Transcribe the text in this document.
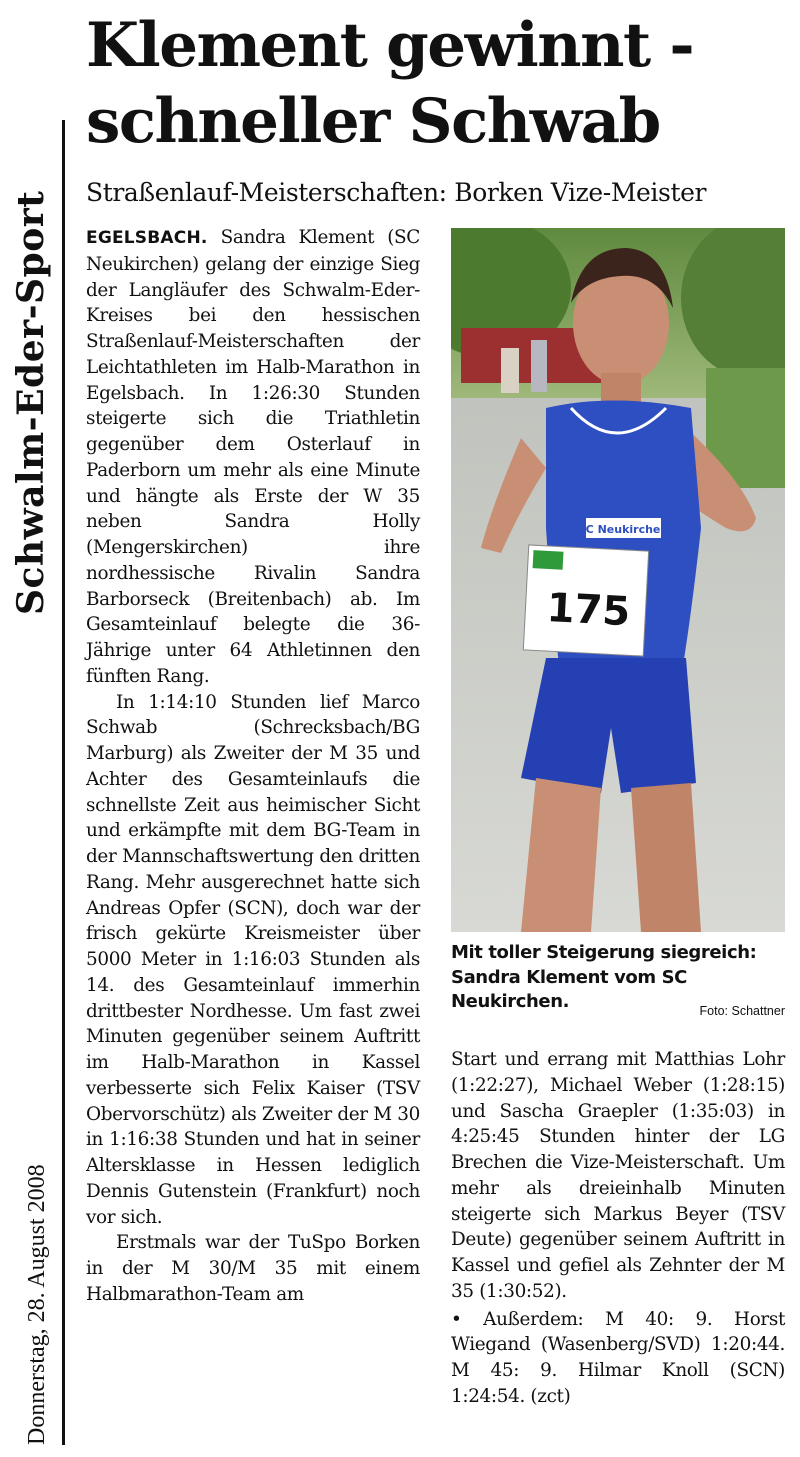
Schwalm-Eder-Sport
Donnerstag, 28. August 2008
Klement gewinnt -
schneller Schwab
Straßenlauf-Meisterschaften: Borken Vize-Meister

EGELSBACH. Sandra Klement (SC Neukirchen) gelang der einzige Sieg der Langläufer des Schwalm-Eder-Kreises bei den hessischen Straßenlauf-Meisterschaften der Leichtathleten im Halb-Marathon in Egelsbach. In 1:26:30 Stunden steigerte sich die Triathletin gegenüber dem Osterlauf in Paderborn um mehr als eine Minute und hängte als Erste der W 35 neben Sandra Holly (Mengerskirchen) ihre nordhessische Rivalin Sandra Barborseck (Breitenbach) ab. Im Gesamteinlauf belegte die 36-Jährige unter 64 Athletinnen den fünften Rang.

In 1:14:10 Stunden lief Marco Schwab (Schrecksbach/BG Marburg) als Zweiter der M 35 und Achter des Gesamteinlaufs die schnellste Zeit aus heimischer Sicht und erkämpfte mit dem BG-Team in der Mannschaftswertung den dritten Rang. Mehr ausgerechnet hatte sich Andreas Opfer (SCN), doch war der frisch gekürte Kreismeister über 5000 Meter in 1:16:03 Stunden als 14. des Gesamteinlauf immerhin drittbester Nordhesse. Um fast zwei Minuten gegenüber seinem Auftritt im Halb-Marathon in Kassel verbesserte sich Felix Kaiser (TSV Obervorschütz) als Zweiter der M 30 in 1:16:38 Stunden und hat in seiner Altersklasse in Hessen lediglich Dennis Gutenstein (Frankfurt) noch vor sich.

Erstmals war der TuSpo Borken in der M 30/M 35 mit einem Halbmarathon-Team am

SC Neukirchen
175
Mit toller Steigerung siegreich: Sandra Klement vom SC Neukirchen.	Foto: Schattner

Start und errang mit Matthias Lohr (1:22:27), Michael Weber (1:28:15) und Sascha Graepler (1:35:03) in 4:25:45 Stunden hinter der LG Brechen die Vize-Meisterschaft. Um mehr als dreieinhalb Minuten steigerte sich Markus Beyer (TSV Deute) gegenüber seinem Auftritt in Kassel und gefiel als Zehnter der M 35 (1:30:52).

• Außerdem: M 40: 9. Horst Wiegand (Wasenberg/SVD) 1:20:44. M 45: 9. Hilmar Knoll (SCN) 1:24:54. (zct)
